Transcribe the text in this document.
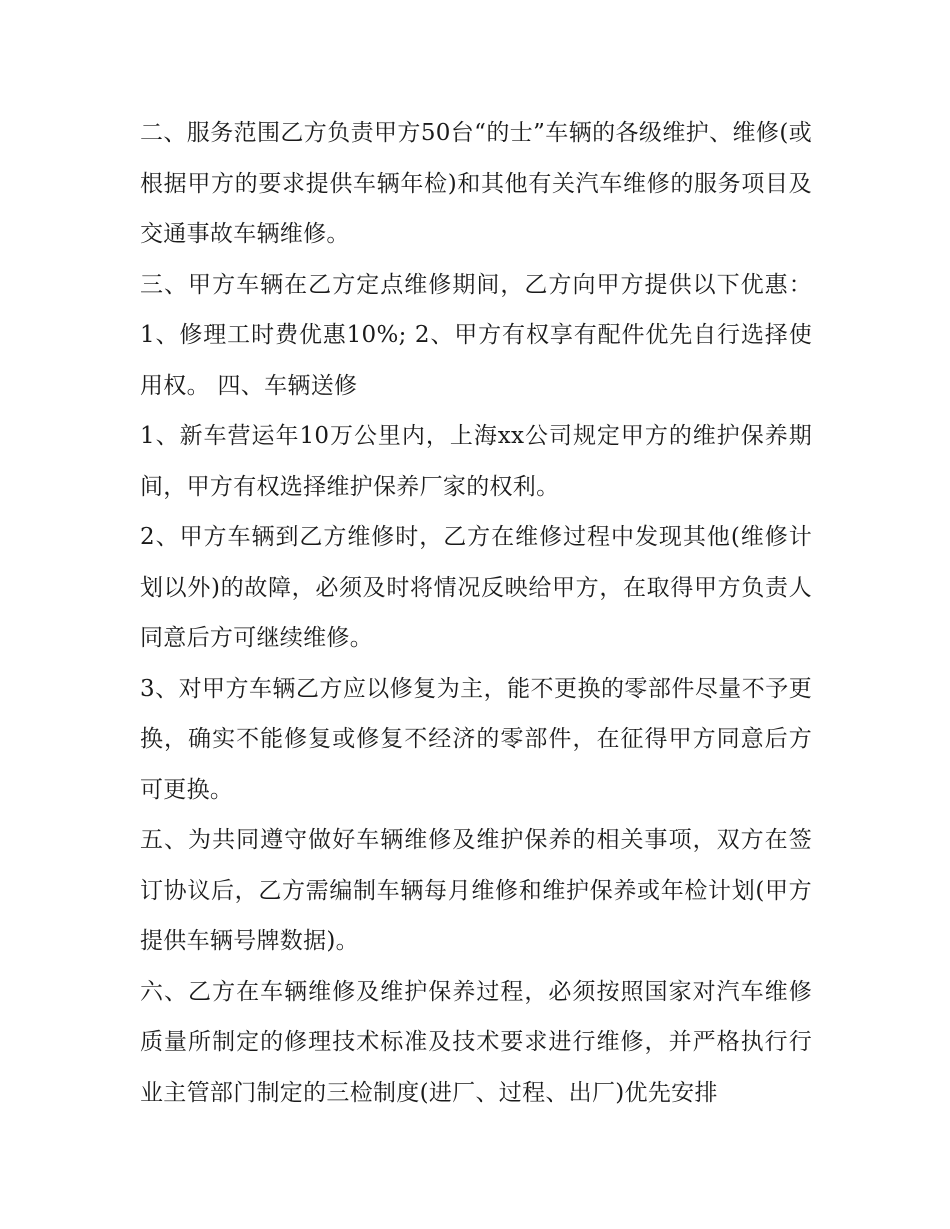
二、服务范围乙方负责甲方50台“的士”车辆的各级维护、维修(或根据甲方的要求提供车辆年检)和其他有关汽车维修的服务项目及交通事故车辆维修。

三、甲方车辆在乙方定点维修期间，乙方向甲方提供以下优惠： 1、修理工时费优惠10%; 2、甲方有权享有配件优先自行选择使用权。 四、车辆送修

1、新车营运年10万公里内，上海xx公司规定甲方的维护保养期间，甲方有权选择维护保养厂家的权利。

2、甲方车辆到乙方维修时，乙方在维修过程中发现其他(维修计划以外)的故障，必须及时将情况反映给甲方，在取得甲方负责人同意后方可继续维修。

3、对甲方车辆乙方应以修复为主，能不更换的零部件尽量不予更换，确实不能修复或修复不经济的零部件，在征得甲方同意后方可更换。

五、为共同遵守做好车辆维修及维护保养的相关事项，双方在签订协议后，乙方需编制车辆每月维修和维护保养或年检计划(甲方提供车辆号牌数据)。

六、乙方在车辆维修及维护保养过程，必须按照国家对汽车维修质量所制定的修理技术标准及技术要求进行维修，并严格执行行业主管部门制定的三检制度(进厂、过程、出厂)优先安排
